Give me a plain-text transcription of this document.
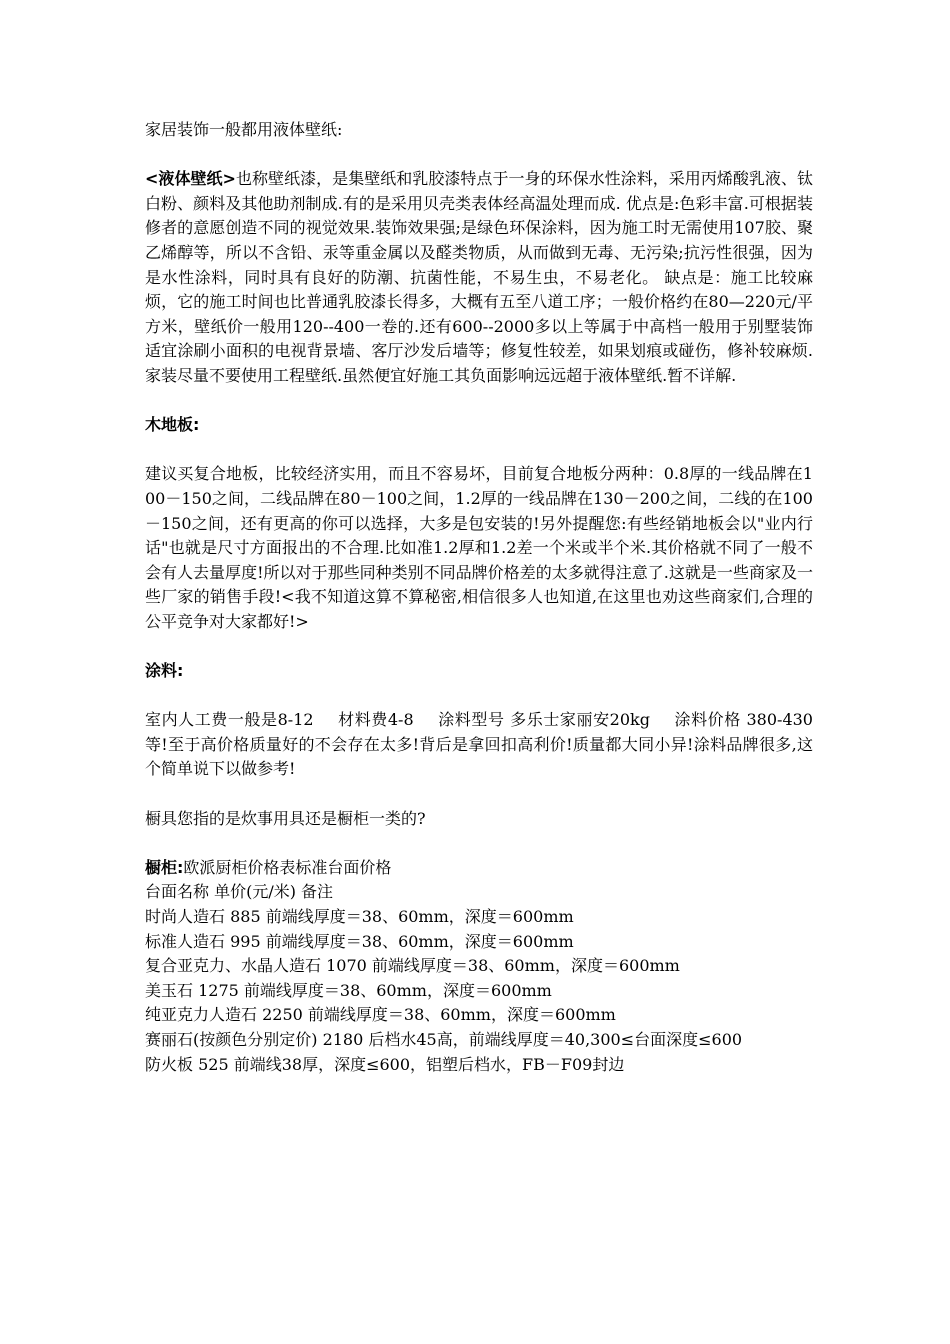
家居装饰一般都用液体壁纸:

<液体壁纸>也称壁纸漆，是集壁纸和乳胶漆特点于一身的环保水性涂料，采用丙烯酸乳液、钛白粉、颜料及其他助剂制成.有的是采用贝壳类表体经高温处理而成. 优点是:色彩丰富.可根据装修者的意愿创造不同的视觉效果.装饰效果强;是绿色环保涂料，因为施工时无需使用107胶、聚乙烯醇等，所以不含铅、汞等重金属以及醛类物质，从而做到无毒、无污染;抗污性很强，因为是水性涂料，同时具有良好的防潮、抗菌性能，不易生虫，不易老化。 缺点是：施工比较麻烦，它的施工时间也比普通乳胶漆长得多，大概有五至八道工序；一般价格约在80—220元/平方米，壁纸价一般用120--400一卷的.还有600--2000多以上等属于中高档一般用于别墅装饰适宜涂刷小面积的电视背景墙、客厅沙发后墙等；修复性较差，如果划痕或碰伤，修补较麻烦.家装尽量不要使用工程壁纸.虽然便宜好施工其负面影响远远超于液体壁纸.暂不详解.

木地板:

建议买复合地板，比较经济实用，而且不容易坏，目前复合地板分两种：0.8厚的一线品牌在100－150之间，二线品牌在80－100之间，1.2厚的一线品牌在130－200之间，二线的在100－150之间，还有更高的你可以选择，大多是包安装的!另外提醒您:有些经销地板会以"业内行话"也就是尺寸方面报出的不合理.比如准1.2厚和1.2差一个米或半个米.其价格就不同了一般不会有人去量厚度!所以对于那些同种类别不同品牌价格差的太多就得注意了.这就是一些商家及一些厂家的销售手段!<我不知道这算不算秘密,相信很多人也知道,在这里也劝这些商家们,合理的公平竞争对大家都好!>

涂料:

室内人工费一般是8-12 材料费4-8 涂料型号 多乐士家丽安20kg 涂料价格 380-430等!至于高价格质量好的不会存在太多!背后是拿回扣高利价!质量都大同小异!涂料品牌很多,这个简单说下以做参考!

橱具您指的是炊事用具还是橱柜一类的?

橱柜:欧派厨柜价格表标准台面价格
台面名称 单价(元/米) 备注
时尚人造石 885 前端线厚度＝38、60mm，深度＝600mm
标准人造石 995 前端线厚度＝38、60mm，深度＝600mm
复合亚克力、水晶人造石 1070 前端线厚度＝38、60mm，深度＝600mm
美玉石 1275 前端线厚度＝38、60mm，深度＝600mm
纯亚克力人造石 2250 前端线厚度＝38、60mm，深度＝600mm
赛丽石(按颜色分别定价) 2180 后档水45高，前端线厚度＝40,300≤台面深度≤600
防火板 525 前端线38厚，深度≤600，铝塑后档水，FB－F09封边
